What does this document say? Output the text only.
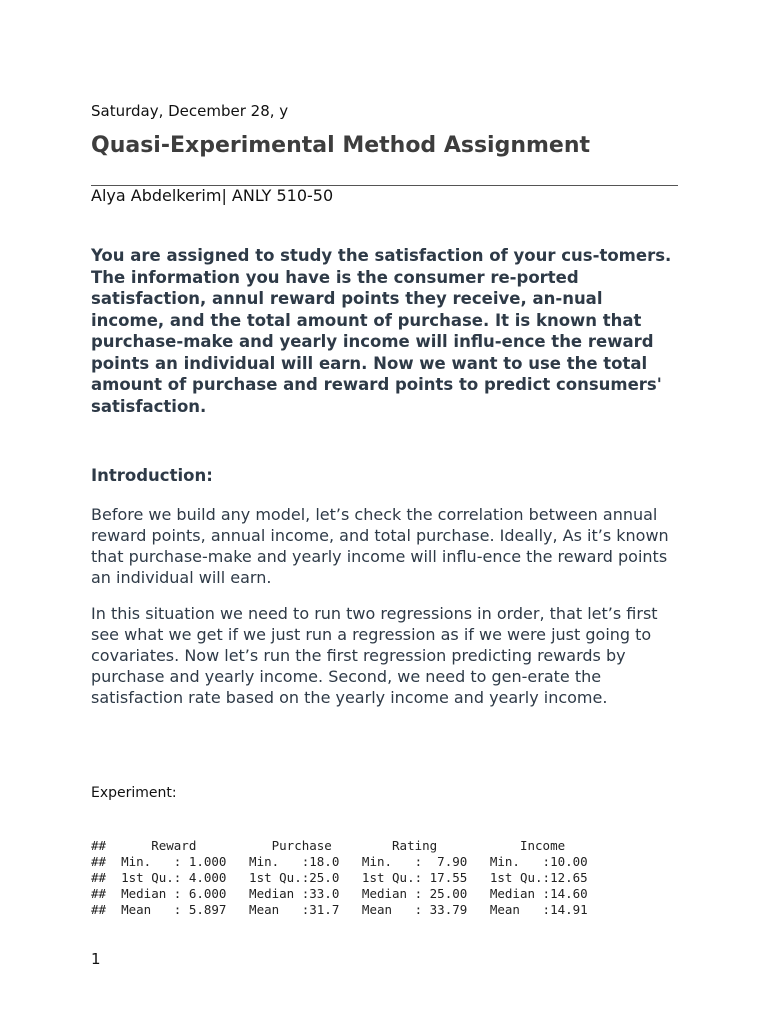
Saturday, December 28, y
Quasi-Experimental Method Assignment
Alya Abdelkerim| ANLY 510-50

You are assigned to study the satisfaction of your cus-tomers. The information you have is the consumer re-ported satisfaction, annul reward points they receive, an-nual income, and the total amount of purchase. It is known that purchase-make and yearly income will influ-ence the reward points an individual will earn. Now we want to use the total amount of purchase and reward points to predict consumers' satisfaction.

Introduction:

Before we build any model, let’s check the correlation between annual reward points, annual income, and total purchase. Ideally, As it’s known that purchase-make and yearly income will influ-ence the reward points an individual will earn.

In this situation we need to run two regressions in order, that let’s first see what we get if we just run a regression as if we were just going to covariates. Now let’s run the first regression predicting rewards by purchase and yearly income. Second, we need to gen-erate the satisfaction rate based on the yearly income and yearly income.

Experiment:
##      Reward          Purchase        Rating           Income
##  Min.   : 1.000   Min.   :18.0   Min.   :  7.90   Min.   :10.00
##  1st Qu.: 4.000   1st Qu.:25.0   1st Qu.: 17.55   1st Qu.:12.65
##  Median : 6.000   Median :33.0   Median : 25.00   Median :14.60
##  Mean   : 5.897   Mean   :31.7   Mean   : 33.79   Mean   :14.91
1
